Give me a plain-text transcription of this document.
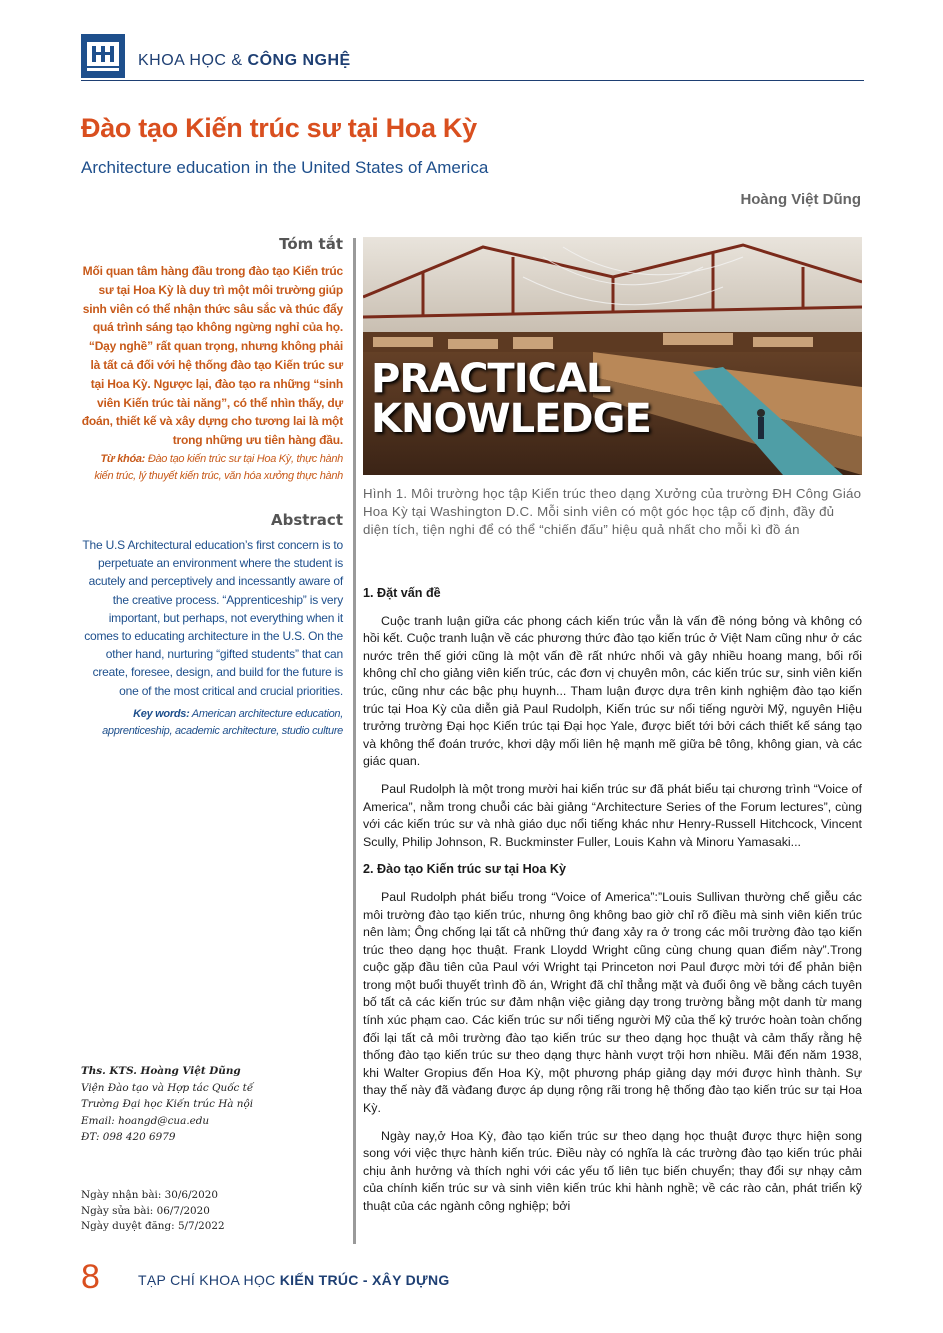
KHOA HỌC & CÔNG NGHỆ
Đào tạo Kiến trúc sư tại Hoa Kỳ
Architecture education in the United States of America
Hoàng Việt Dũng
Tóm tắt
Mối quan tâm hàng đầu trong đào tạo Kiến trúc sư tại Hoa Kỳ là duy trì một môi trường giúp sinh viên có thể nhận thức sâu sắc và thúc đẩy quá trình sáng tạo không ngừng nghỉ của họ. “Dạy nghề” rất quan trọng, nhưng không phải là tất cả đối với hệ thống đào tạo Kiến trúc sư tại Hoa Kỳ. Ngược lại, đào tạo ra những “sinh viên Kiến trúc tài năng”, có thể nhìn thấy, dự đoán, thiết kế và xây dựng cho tương lai là một trong những ưu tiên hàng đầu.
Từ khóa: Đào tạo kiến trúc sư tại Hoa Kỳ, thực hành kiến trúc, lý thuyết kiến trúc, văn hóa xưởng thực hành
Abstract
The U.S Architectural education’s first concern is to perpetuate an environment where the student is acutely and perceptively and incessantly aware of the creative process. “Apprenticeship” is very important, but perhaps, not everything when it comes to educating architecture in the U.S. On the other hand, nurturing “gifted students” that can create, foresee, design, and build for the future is one of the most critical and crucial priorities.
Key words: American architecture education, apprenticeship, academic architecture, studio culture
Ths. KTS. Hoàng Việt Dũng
Viện Đào tạo và Hợp tác Quốc tế
Trường Đại học Kiến trúc Hà nội
Email: hoangd@cua.edu
ĐT: 098 420 6979
Ngày nhận bài: 30/6/2020
Ngày sửa bài: 06/7/2020
Ngày duyệt đăng: 5/7/2022
PRACTICAL
KNOWLEDGE
Hình 1. Môi trường học tập Kiến trúc theo dạng Xưởng của trường ĐH Công Giáo Hoa Kỳ tại Washington D.C. Mỗi sinh viên có một góc học tập cố định, đầy đủ diện tích, tiện nghi để có thể “chiến đấu” hiệu quả nhất cho mỗi kì đồ án

1. Đặt vấn đề

Cuộc tranh luận giữa các phong cách kiến trúc vẫn là vấn đề nóng bỏng và không có hồi kết. Cuộc tranh luận về các phương thức đào tạo kiến trúc ở Việt Nam cũng như ở các nước trên thế giới cũng là một vấn đề rất nhức nhối và gây nhiều hoang mang, bối rối không chỉ cho giảng viên kiến trúc, các đơn vị chuyên môn, các kiến trúc sư, sinh viên kiến trúc, cũng như các bậc phụ huynh... Tham luận được dựa trên kinh nghiệm đào tạo kiến trúc tại Hoa Kỳ của diễn giả Paul Rudolph, Kiến trúc sư nổi tiếng người Mỹ, nguyên Hiệu trưởng trường Đại học Kiến trúc tại Đại học Yale, được biết tới bởi cách thiết kế sáng tạo và không thể đoán trước, khơi dậy mối liên hệ mạnh mẽ giữa bê tông, không gian, và các giác quan.

Paul Rudolph là một trong mười hai kiến trúc sư đã phát biểu tại chương trình “Voice of America”, nằm trong chuỗi các bài giảng “Architecture Series of the Forum lectures”, cùng với các kiến trúc sư và nhà giáo dục nổi tiếng khác như Henry-Russell Hitchcock, Vincent Scully, Philip Johnson, R. Buckminster Fuller, Louis Kahn và Minoru Yamasaki...

2. Đào tạo Kiến trúc sư tại Hoa Kỳ

Paul Rudolph phát biểu trong “Voice of America”:”Louis Sullivan thường chế giễu các môi trường đào tạo kiến trúc, nhưng ông không bao giờ chỉ rõ điều mà sinh viên kiến trúc nên làm; Ông chống lại tất cả những thứ đang xảy ra ở trong các môi trường đào tạo kiến trúc theo dạng học thuật. Frank Lloydd Wright cũng cùng chung quan điểm này”.Trong cuộc gặp đầu tiên của Paul với Wright tại Princeton nơi Paul được mời tới để phản biện trong một buổi thuyết trình đồ án, Wright đã chỉ thẳng mặt và đuổi ông về bằng cách tuyên bố tất cả các kiến trúc sư đảm nhận việc giảng dạy trong trường bằng một danh từ mang tính xúc phạm cao. Các kiến trúc sư nổi tiếng người Mỹ của thế kỷ trước hoàn toàn chống đối lại tất cả môi trường đào tạo kiến trúc sư theo dạng học thuật và cảm thấy rằng hệ thống đào tạo kiến trúc sư theo dạng thực hành vượt trội hơn nhiều. Mãi đến năm 1938, khi Walter Gropius đến Hoa Kỳ, một phương pháp giảng dạy mới được hình thành. Sự thay thế này đã vàđang được áp dụng rộng rãi trong hệ thống đào tạo kiến trúc sư tại Hoa Kỳ.

Ngày nay,ở Hoa Kỳ, đào tạo kiến trúc sư theo dạng học thuật được thực hiện song song với việc thực hành kiến trúc. Điều này có nghĩa là các trường đào tạo kiến trúc phải chịu ảnh hưởng và thích nghi với các yếu tố liên tục biến chuyển; thay đổi sự nhạy cảm của chính kiến trúc sư và sinh viên kiến trúc khi hành nghề; về các rào cản, phát triển kỹ thuật của các ngành công nghiệp; bởi

8	TẠP CHÍ KHOA HỌC KIẾN TRÚC - XÂY DỰNG
